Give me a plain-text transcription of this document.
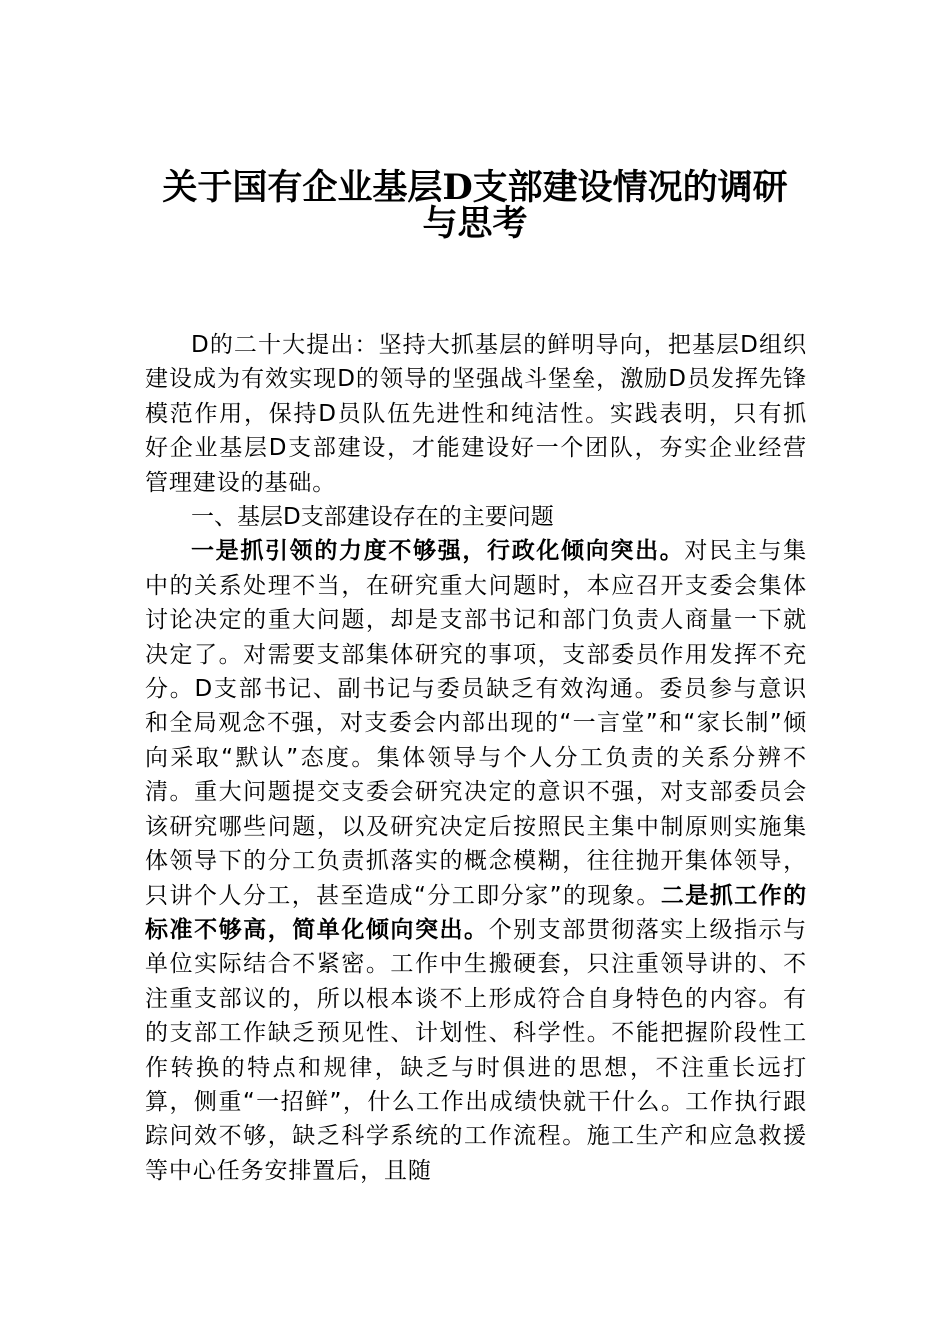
关于国有企业基层D支部建设情况的调研
与思考

D的二十大提出：坚持大抓基层的鲜明导向，把基层D组织建设成为有效实现D的领导的坚强战斗堡垒，激励D员发挥先锋模范作用，保持D员队伍先进性和纯洁性。实践表明，只有抓好企业基层D支部建设，才能建设好一个团队，夯实企业经营管理建设的基础。

一、基层D支部建设存在的主要问题

一是抓引领的力度不够强，行政化倾向突出。对民主与集中的关系处理不当，在研究重大问题时，本应召开支委会集体讨论决定的重大问题，却是支部书记和部门负责人商量一下就决定了。对需要支部集体研究的事项，支部委员作用发挥不充分。D支部书记、副书记与委员缺乏有效沟通。委员参与意识和全局观念不强，对支委会内部出现的“一言堂”和“家长制”倾向采取“默认”态度。集体领导与个人分工负责的关系分辨不清。重大问题提交支委会研究决定的意识不强，对支部委员会该研究哪些问题，以及研究决定后按照民主集中制原则实施集体领导下的分工负责抓落实的概念模糊，往往抛开集体领导，只讲个人分工，甚至造成“分工即分家”的现象。二是抓工作的标准不够高，简单化倾向突出。个别支部贯彻落实上级指示与单位实际结合不紧密。工作中生搬硬套，只注重领导讲的、不注重支部议的，所以根本谈不上形成符合自身特色的内容。有的支部工作缺乏预见性、计划性、科学性。不能把握阶段性工作转换的特点和规律，缺乏与时俱进的思想，不注重长远打算，侧重“一招鲜”，什么工作出成绩快就干什么。工作执行跟踪问效不够，缺乏科学系统的工作流程。施工生产和应急救援等中心任务安排置后，且随
